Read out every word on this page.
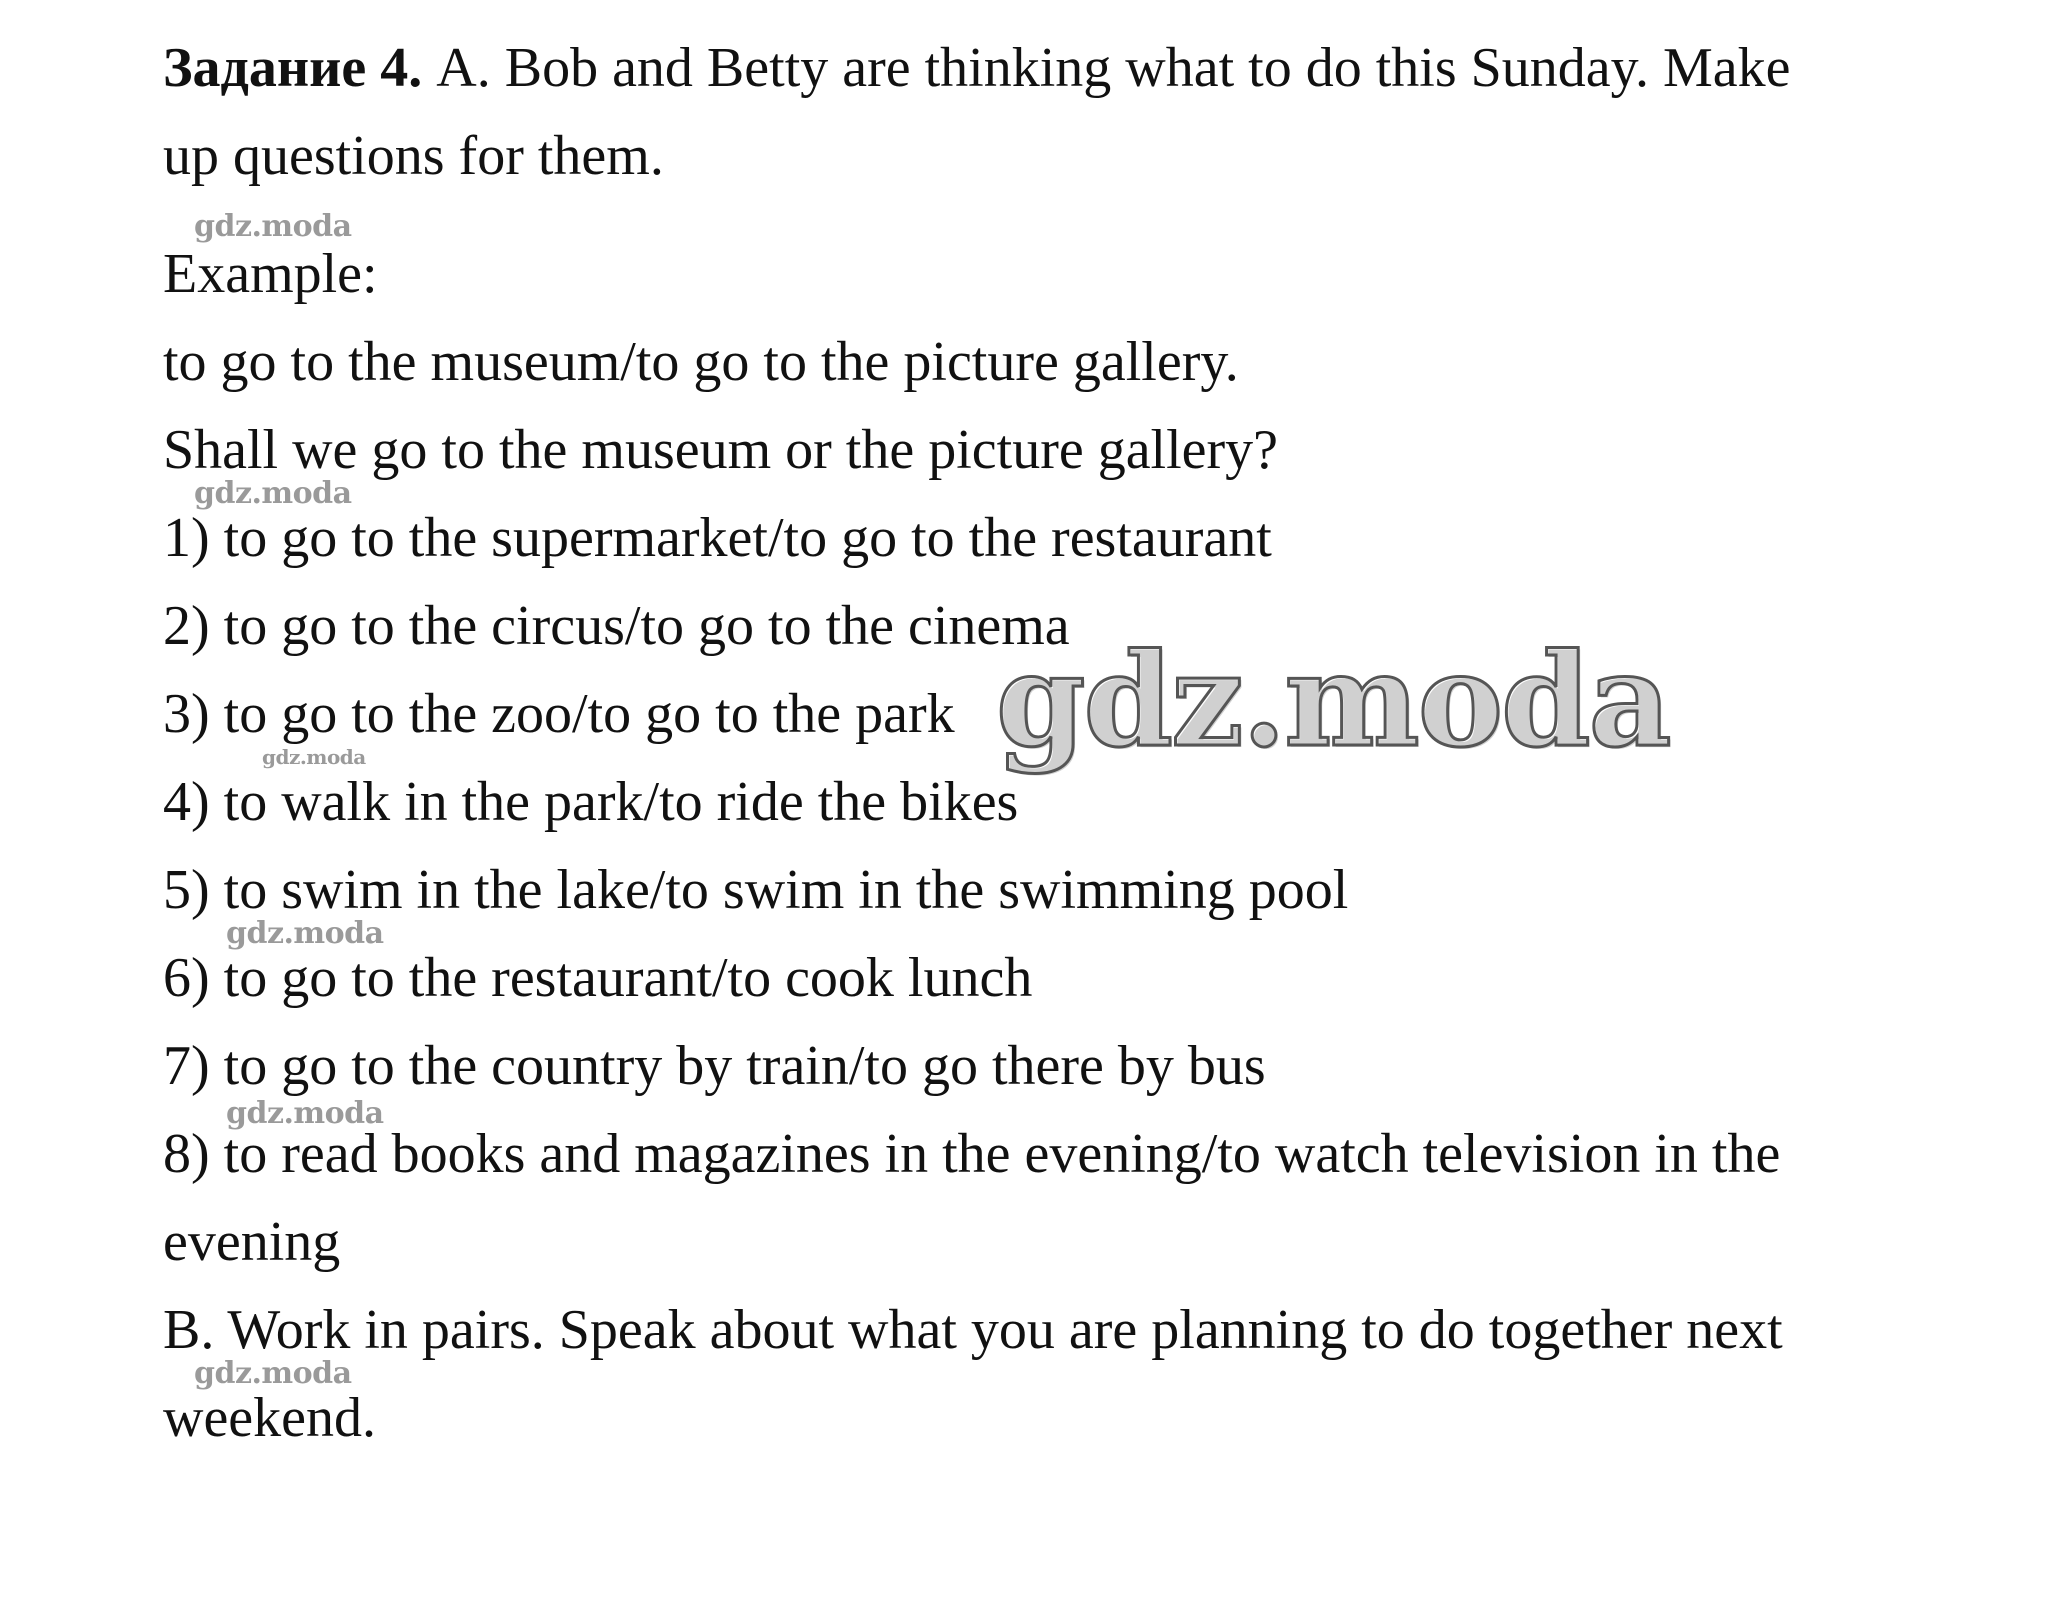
Задание 4. A. Bob and Betty are thinking what to do this Sunday. Make
up questions for them.
Example:
to go to the museum/to go to the picture gallery.
Shall we go to the museum or the picture gallery?
1) to go to the supermarket/to go to the restaurant
2) to go to the circus/to go to the cinema
3) to go to the zoo/to go to the park
4) to walk in the park/to ride the bikes
5) to swim in the lake/to swim in the swimming pool
6) to go to the restaurant/to cook lunch
7) to go to the country by train/to go there by bus
8) to read books and magazines in the evening/to watch television in the
evening
B. Work in pairs. Speak about what you are planning to do together next
weekend.
gdz.moda
gdz.moda
gdz.moda
gdz.moda
gdz.moda
gdz.moda
gdz.moda
